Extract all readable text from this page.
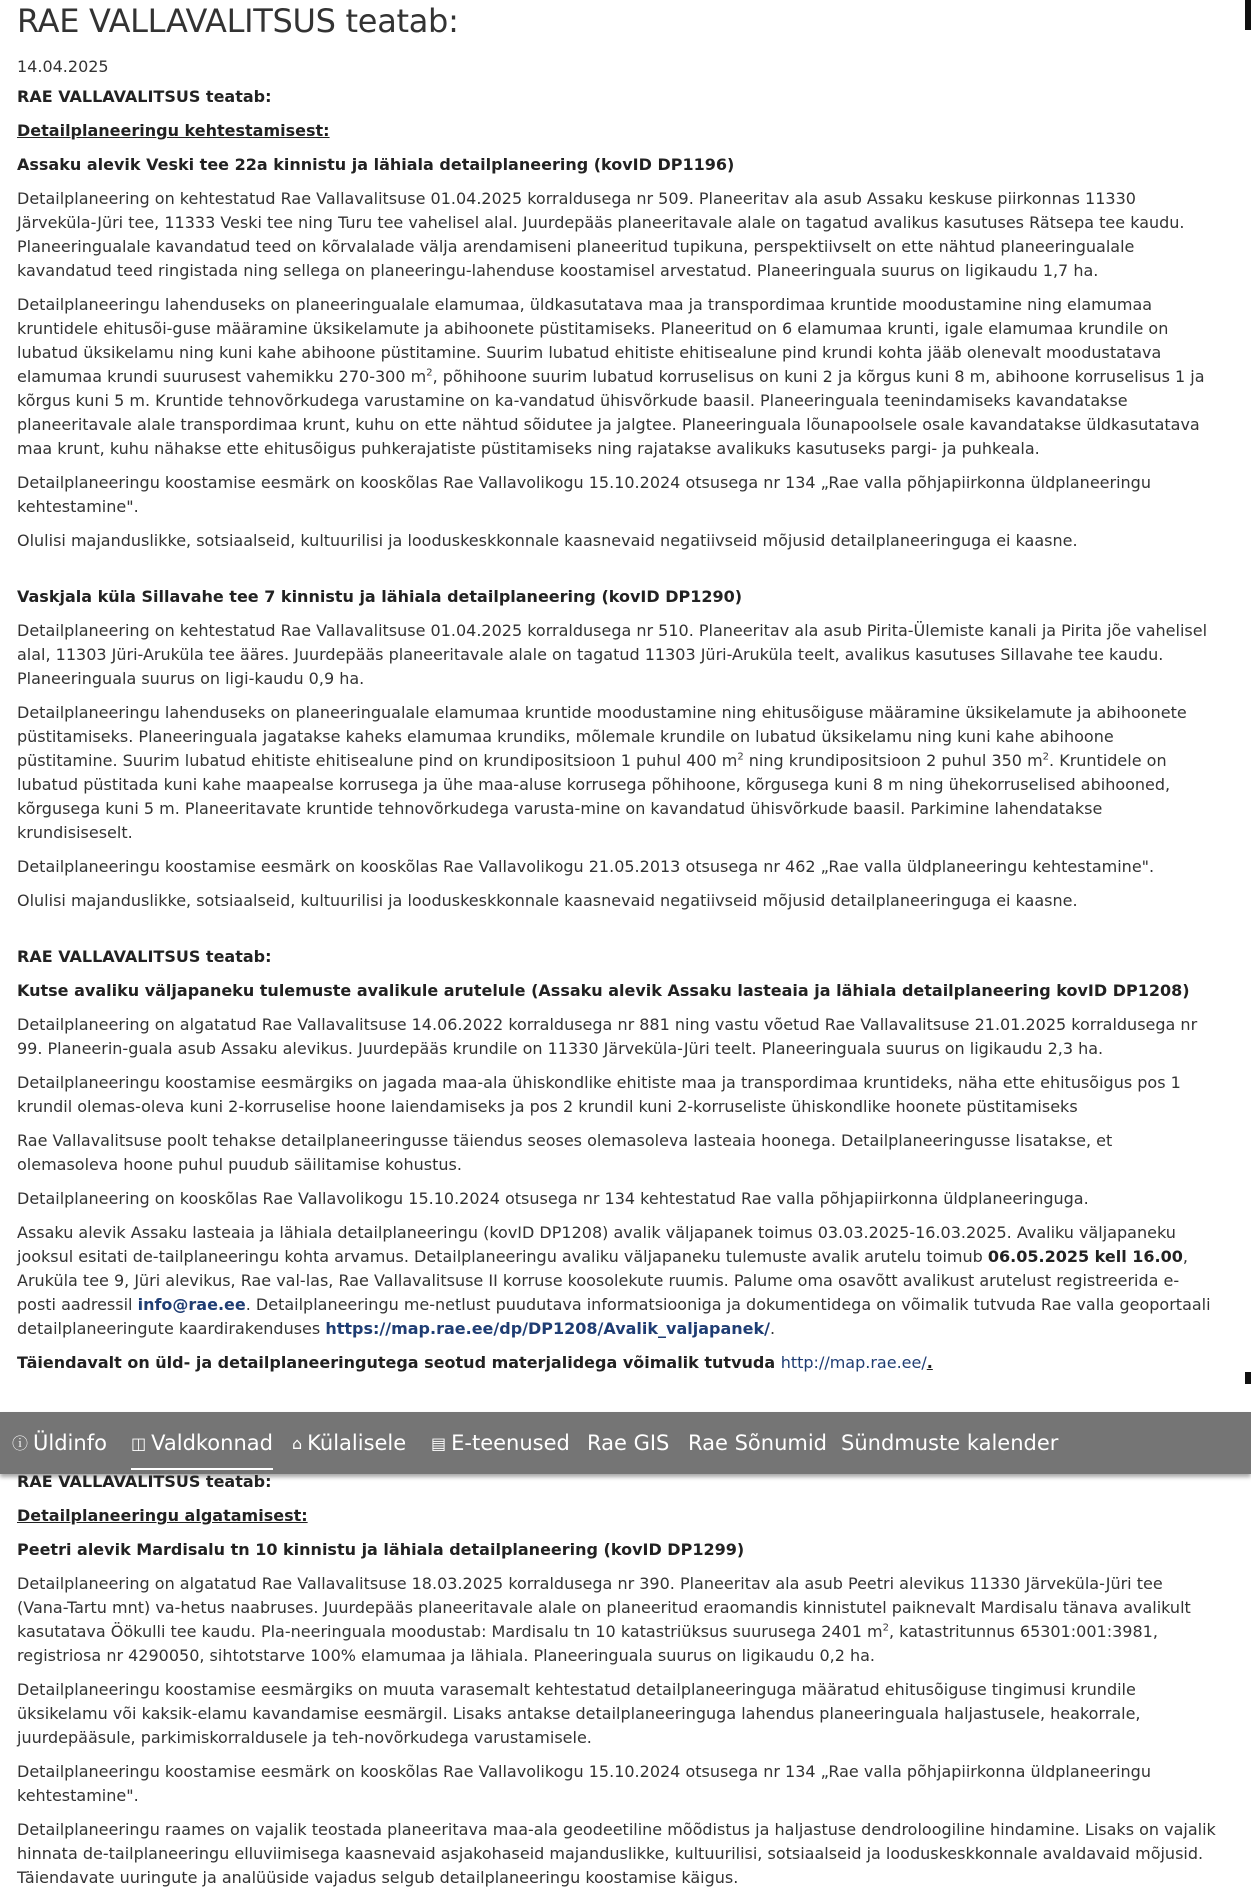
RAE VALLAVALITSUS teatab:
14.04.2025

RAE VALLAVALITSUS teatab:

Detailplaneeringu kehtestamisest:

Assaku alevik Veski tee 22a kinnistu ja lähiala detailplaneering (kovID DP1196)

Detailplaneering on kehtestatud Rae Vallavalitsuse 01.04.2025 korraldusega nr 509. Planeeritav ala asub Assaku keskuse piirkonnas 11330 Järveküla-Jüri tee, 11333 Veski tee ning Turu tee vahelisel alal. Juurdepääs planeeritavale alale on tagatud avalikus kasutuses Rätsepa tee kaudu. Planeeringualale kavandatud teed on kõrvalalade välja arendamiseni planeeritud tupikuna, perspektiivselt on ette nähtud planeeringualale kavandatud teed ringistada ning sellega on planeeringu-lahenduse koostamisel arvestatud. Planeeringuala suurus on ligikaudu 1,7 ha.

Detailplaneeringu lahenduseks on planeeringualale elamumaa, üldkasutatava maa ja transpordimaa kruntide moodustamine ning elamumaa kruntidele ehitusõi-guse määramine üksikelamute ja abihoonete püstitamiseks. Planeeritud on 6 elamumaa krunti, igale elamumaa krundile on lubatud üksikelamu ning kuni kahe abihoone püstitamine. Suurim lubatud ehitiste ehitisealune pind krundi kohta jääb olenevalt moodustatava elamumaa krundi suurusest vahemikku 270-300 $m^2$, põhihoone suurim lubatud korruselisus on kuni 2 ja kõrgus kuni 8 m, abihoone korruselisus 1 ja kõrgus kuni 5 m. Kruntide tehnovõrkudega varustamine on ka-vandatud ühisvõrkude baasil. Planeeringuala teenindamiseks kavandatakse planeeritavale alale transpordimaa krunt, kuhu on ette nähtud sõidutee ja jalgtee. Planeeringuala lõunapoolsele osale kavandatakse üldkasutatava maa krunt, kuhu nähakse ette ehitusõigus puhkerajatiste püstitamiseks ning rajatakse avalikuks kasutuseks pargi- ja puhkeala.

Detailplaneeringu koostamise eesmärk on kooskõlas Rae Vallavolikogu 15.10.2024 otsusega nr 134 „Rae valla põhjapiirkonna üldplaneeringu kehtestamine".

Olulisi majanduslikke, sotsiaalseid, kultuurilisi ja looduskeskkonnale kaasnevaid negatiivseid mõjusid detailplaneeringuga ei kaasne.

Vaskjala küla Sillavahe tee 7 kinnistu ja lähiala detailplaneering (kovID DP1290)

Detailplaneering on kehtestatud Rae Vallavalitsuse 01.04.2025 korraldusega nr 510. Planeeritav ala asub Pirita-Ülemiste kanali ja Pirita jõe vahelisel alal, 11303 Jüri-Aruküla tee ääres. Juurdepääs planeeritavale alale on tagatud 11303 Jüri-Aruküla teelt, avalikus kasutuses Sillavahe tee kaudu. Planeeringuala suurus on ligi-kaudu 0,9 ha.

Detailplaneeringu lahenduseks on planeeringualale elamumaa kruntide moodustamine ning ehitusõiguse määramine üksikelamute ja abihoonete püstitamiseks. Planeeringuala jagatakse kaheks elamumaa krundiks, mõlemale krundile on lubatud üksikelamu ning kuni kahe abihoone püstitamine. Suurim lubatud ehitiste ehitisealune pind on krundipositsioon 1 puhul 400 $m^2$ ning krundipositsioon 2 puhul 350 $m^2$. Kruntidele on lubatud püstitada kuni kahe maapealse korrusega ja ühe maa-aluse korrusega põhihoone, kõrgusega kuni 8 m ning ühekorruselised abihooned, kõrgusega kuni 5 m. Planeeritavate kruntide tehnovõrkudega varusta-mine on kavandatud ühisvõrkude baasil. Parkimine lahendatakse krundisiseselt.

Detailplaneeringu koostamise eesmärk on kooskõlas Rae Vallavolikogu 21.05.2013 otsusega nr 462 „Rae valla üldplaneeringu kehtestamine".

Olulisi majanduslikke, sotsiaalseid, kultuurilisi ja looduskeskkonnale kaasnevaid negatiivseid mõjusid detailplaneeringuga ei kaasne.

RAE VALLAVALITSUS teatab:

Kutse avaliku väljapaneku tulemuste avalikule arutelule (Assaku alevik Assaku lasteaia ja lähiala detailplaneering kovID DP1208)

Detailplaneering on algatatud Rae Vallavalitsuse 14.06.2022 korraldusega nr 881 ning vastu võetud Rae Vallavalitsuse 21.01.2025 korraldusega nr 99. Planeerin-guala asub Assaku alevikus. Juurdepääs krundile on 11330 Järveküla-Jüri teelt. Planeeringuala suurus on ligikaudu 2,3 ha.

Detailplaneeringu koostamise eesmärgiks on jagada maa-ala ühiskondlike ehitiste maa ja transpordimaa kruntideks, näha ette ehitusõigus pos 1 krundil olemas-oleva kuni 2-korruselise hoone laiendamiseks ja pos 2 krundil kuni 2-korruseliste ühiskondlike hoonete püstitamiseks

Rae Vallavalitsuse poolt tehakse detailplaneeringusse täiendus seoses olemasoleva lasteaia hoonega. Detailplaneeringusse lisatakse, et olemasoleva hoone puhul puudub säilitamise kohustus.

Detailplaneering on kooskõlas Rae Vallavolikogu 15.10.2024 otsusega nr 134 kehtestatud Rae valla põhjapiirkonna üldplaneeringuga.

Assaku alevik Assaku lasteaia ja lähiala detailplaneeringu (kovID DP1208) avalik väljapanek toimus 03.03.2025-16.03.2025. Avaliku väljapaneku jooksul esitati de-tailplaneeringu kohta arvamus. Detailplaneeringu avaliku väljapaneku tulemuste avalik arutelu toimub 06.05.2025 kell 16.00, Aruküla tee 9, Jüri alevikus, Rae val-las, Rae Vallavalitsuse II korruse koosolekute ruumis. Palume oma osavõtt avalikust arutelust registreerida e-posti aadressil info@rae.ee. Detailplaneeringu me-netlust puudutava informatsiooniga ja dokumentidega on võimalik tutvuda Rae valla geoportaali detailplaneeringute kaardirakenduses https://map.rae.ee/dp/DP1208/Avalik_valjapanek/.

Täiendavalt on üld- ja detailplaneeringutega seotud materjalidega võimalik tutvuda http://map.rae.ee/.

ⓘ Üldinfo ◫ Valdkonnad ⌂ Külalisele ▤ E-teenused Rae GIS Rae Sõnumid Sündmuste kalender

RAE VALLAVALITSUS teatab:

Detailplaneeringu algatamisest:

Peetri alevik Mardisalu tn 10 kinnistu ja lähiala detailplaneering (kovID DP1299)

Detailplaneering on algatatud Rae Vallavalitsuse 18.03.2025 korraldusega nr 390. Planeeritav ala asub Peetri alevikus 11330 Järveküla-Jüri tee (Vana-Tartu mnt) va-hetus naabruses. Juurdepääs planeeritavale alale on planeeritud eraomandis kinnistutel paiknevalt Mardisalu tänava avalikult kasutatava Öökulli tee kaudu. Pla-neeringuala moodustab: Mardisalu tn 10 katastriüksus suurusega 2401 $m^2$, katastritunnus 65301:001:3981, registriosa nr 4290050, sihtotstarve 100% elamumaa ja lähiala. Planeeringuala suurus on ligikaudu 0,2 ha.

Detailplaneeringu koostamise eesmärgiks on muuta varasemalt kehtestatud detailplaneeringuga määratud ehitusõiguse tingimusi krundile üksikelamu või kaksik-elamu kavandamise eesmärgil. Lisaks antakse detailplaneeringuga lahendus planeeringuala haljastusele, heakorrale, juurdepääsule, parkimiskorraldusele ja teh-novõrkudega varustamisele.

Detailplaneeringu koostamise eesmärk on kooskõlas Rae Vallavolikogu 15.10.2024 otsusega nr 134 „Rae valla põhjapiirkonna üldplaneeringu kehtestamine".

Detailplaneeringu raames on vajalik teostada planeeritava maa-ala geodeetiline mõõdistus ja haljastuse dendroloogiline hindamine. Lisaks on vajalik hinnata de-tailplaneeringu elluviimisega kaasnevaid asjakohaseid majanduslikke, kultuurilisi, sotsiaalseid ja looduskeskkonnale avaldavaid mõjusid. Täiendavate uuringute ja analüüside vajadus selgub detailplaneeringu koostamise käigus.
